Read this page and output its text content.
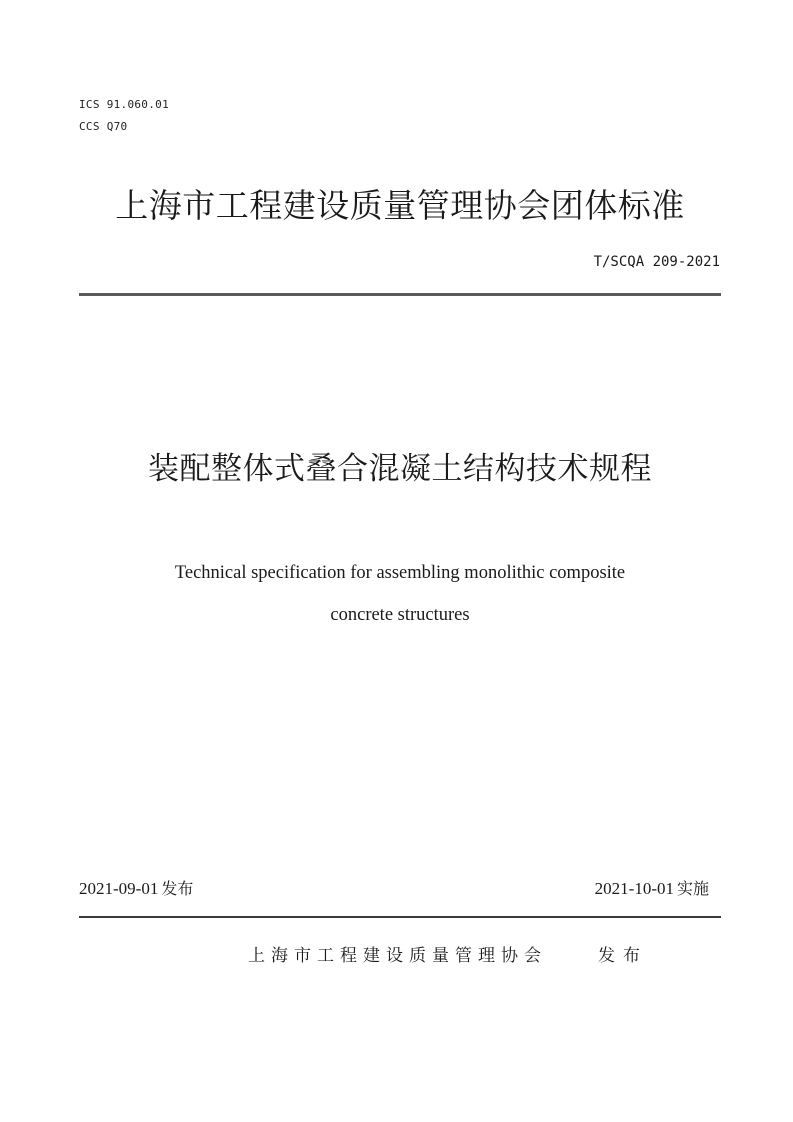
ICS 91.060.01
CCS Q70
上海市工程建设质量管理协会团体标准
T/SCQA 209-2021
装配整体式叠合混凝土结构技术规程
Technical specification for assembling monolithic composite
concrete structures
2021-09-01 发布	2021-10-01 实施
上海市工程建设质量管理协会	发布
